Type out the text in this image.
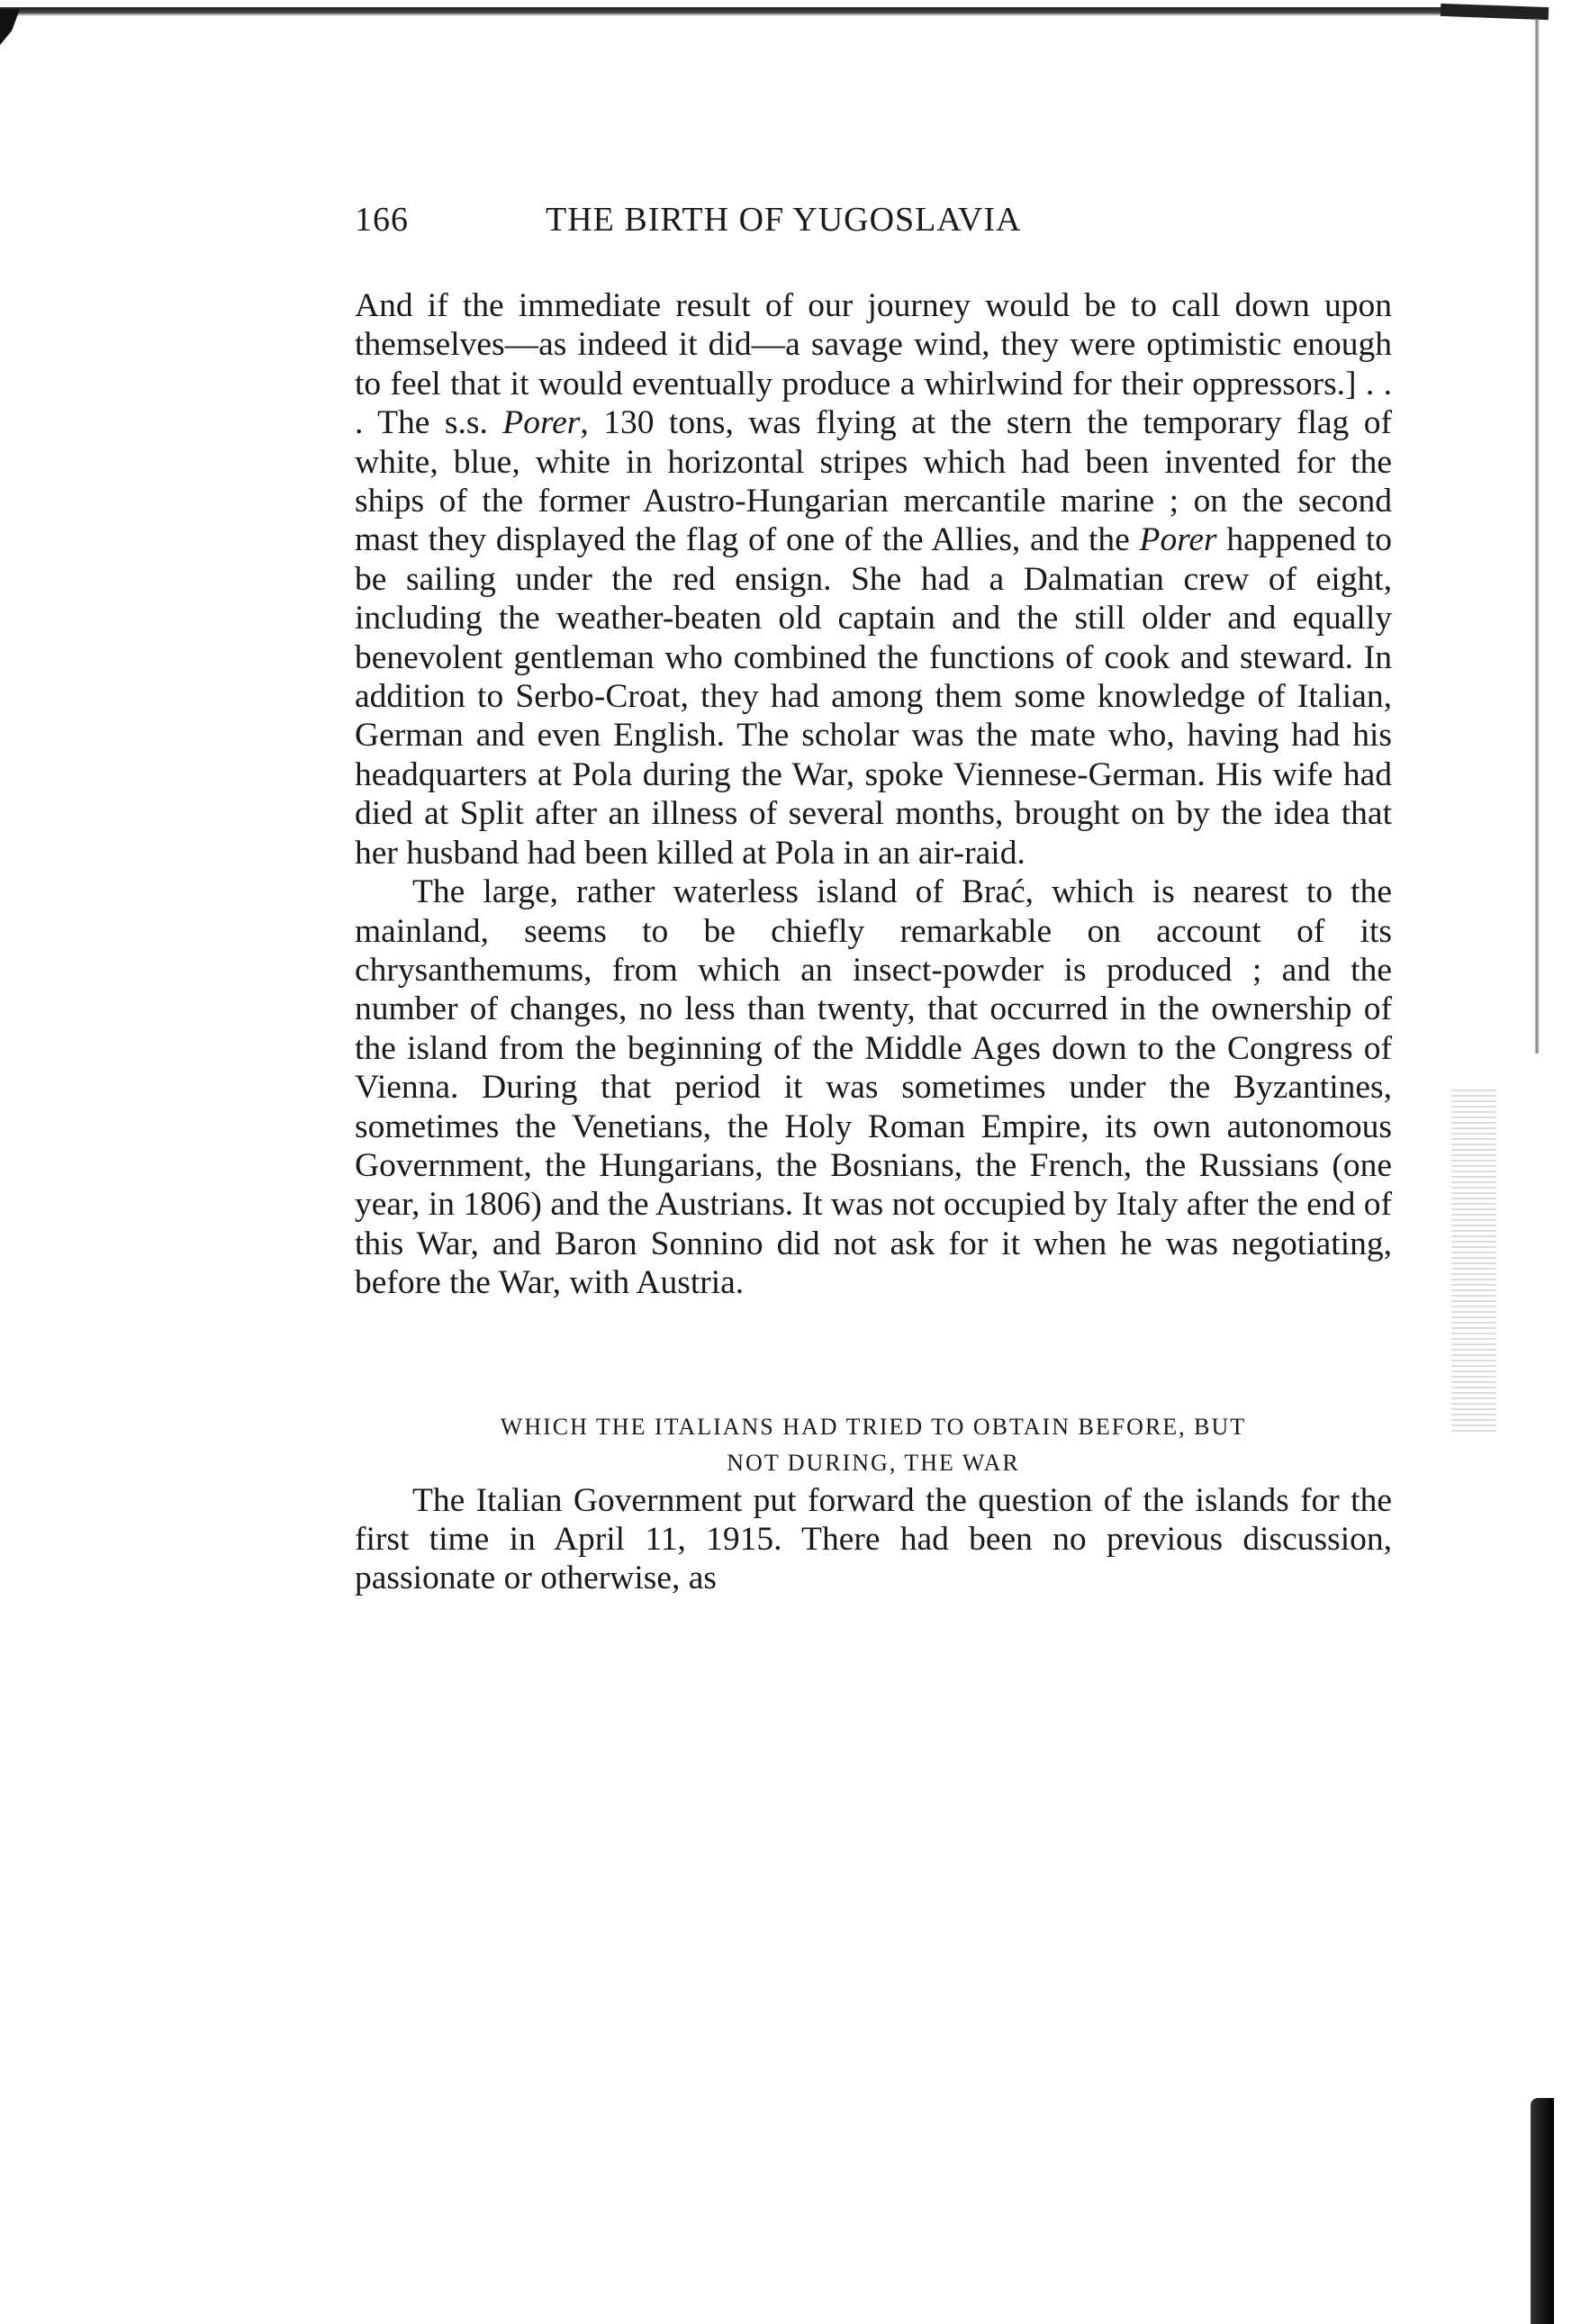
166	THE BIRTH OF YUGOSLAVIA

And if the immediate result of our journey would be to call down upon themselves—as indeed it did—a savage wind, they were optimistic enough to feel that it would eventually produce a whirlwind for their oppressors.] . . . The s.s. Porer, 130 tons, was flying at the stern the temporary flag of white, blue, white in horizontal stripes which had been invented for the ships of the former Austro-Hungarian mercantile marine ; on the second mast they displayed the flag of one of the Allies, and the Porer happened to be sailing under the red ensign. She had a Dalmatian crew of eight, including the weather-beaten old captain and the still older and equally benevolent gentleman who combined the functions of cook and steward. In addition to Serbo-Croat, they had among them some knowledge of Italian, German and even English. The scholar was the mate who, having had his headquarters at Pola during the War, spoke Viennese-German. His wife had died at Split after an illness of several months, brought on by the idea that her husband had been killed at Pola in an air-raid.

The large, rather waterless island of Brać, which is nearest to the mainland, seems to be chiefly remarkable on account of its chrysanthemums, from which an insect-powder is produced ; and the number of changes, no less than twenty, that occurred in the ownership of the island from the beginning of the Middle Ages down to the Congress of Vienna. During that period it was sometimes under the Byzantines, sometimes the Venetians, the Holy Roman Empire, its own autonomous Government, the Hungarians, the Bosnians, the French, the Russians (one year, in 1806) and the Austrians. It was not occupied by Italy after the end of this War, and Baron Sonnino did not ask for it when he was negotiating, before the War, with Austria.

WHICH THE ITALIANS HAD TRIED TO OBTAIN BEFORE, BUT
NOT DURING, THE WAR

The Italian Government put forward the question of the islands for the first time in April 11, 1915. There had been no previous discussion, passionate or otherwise, as
